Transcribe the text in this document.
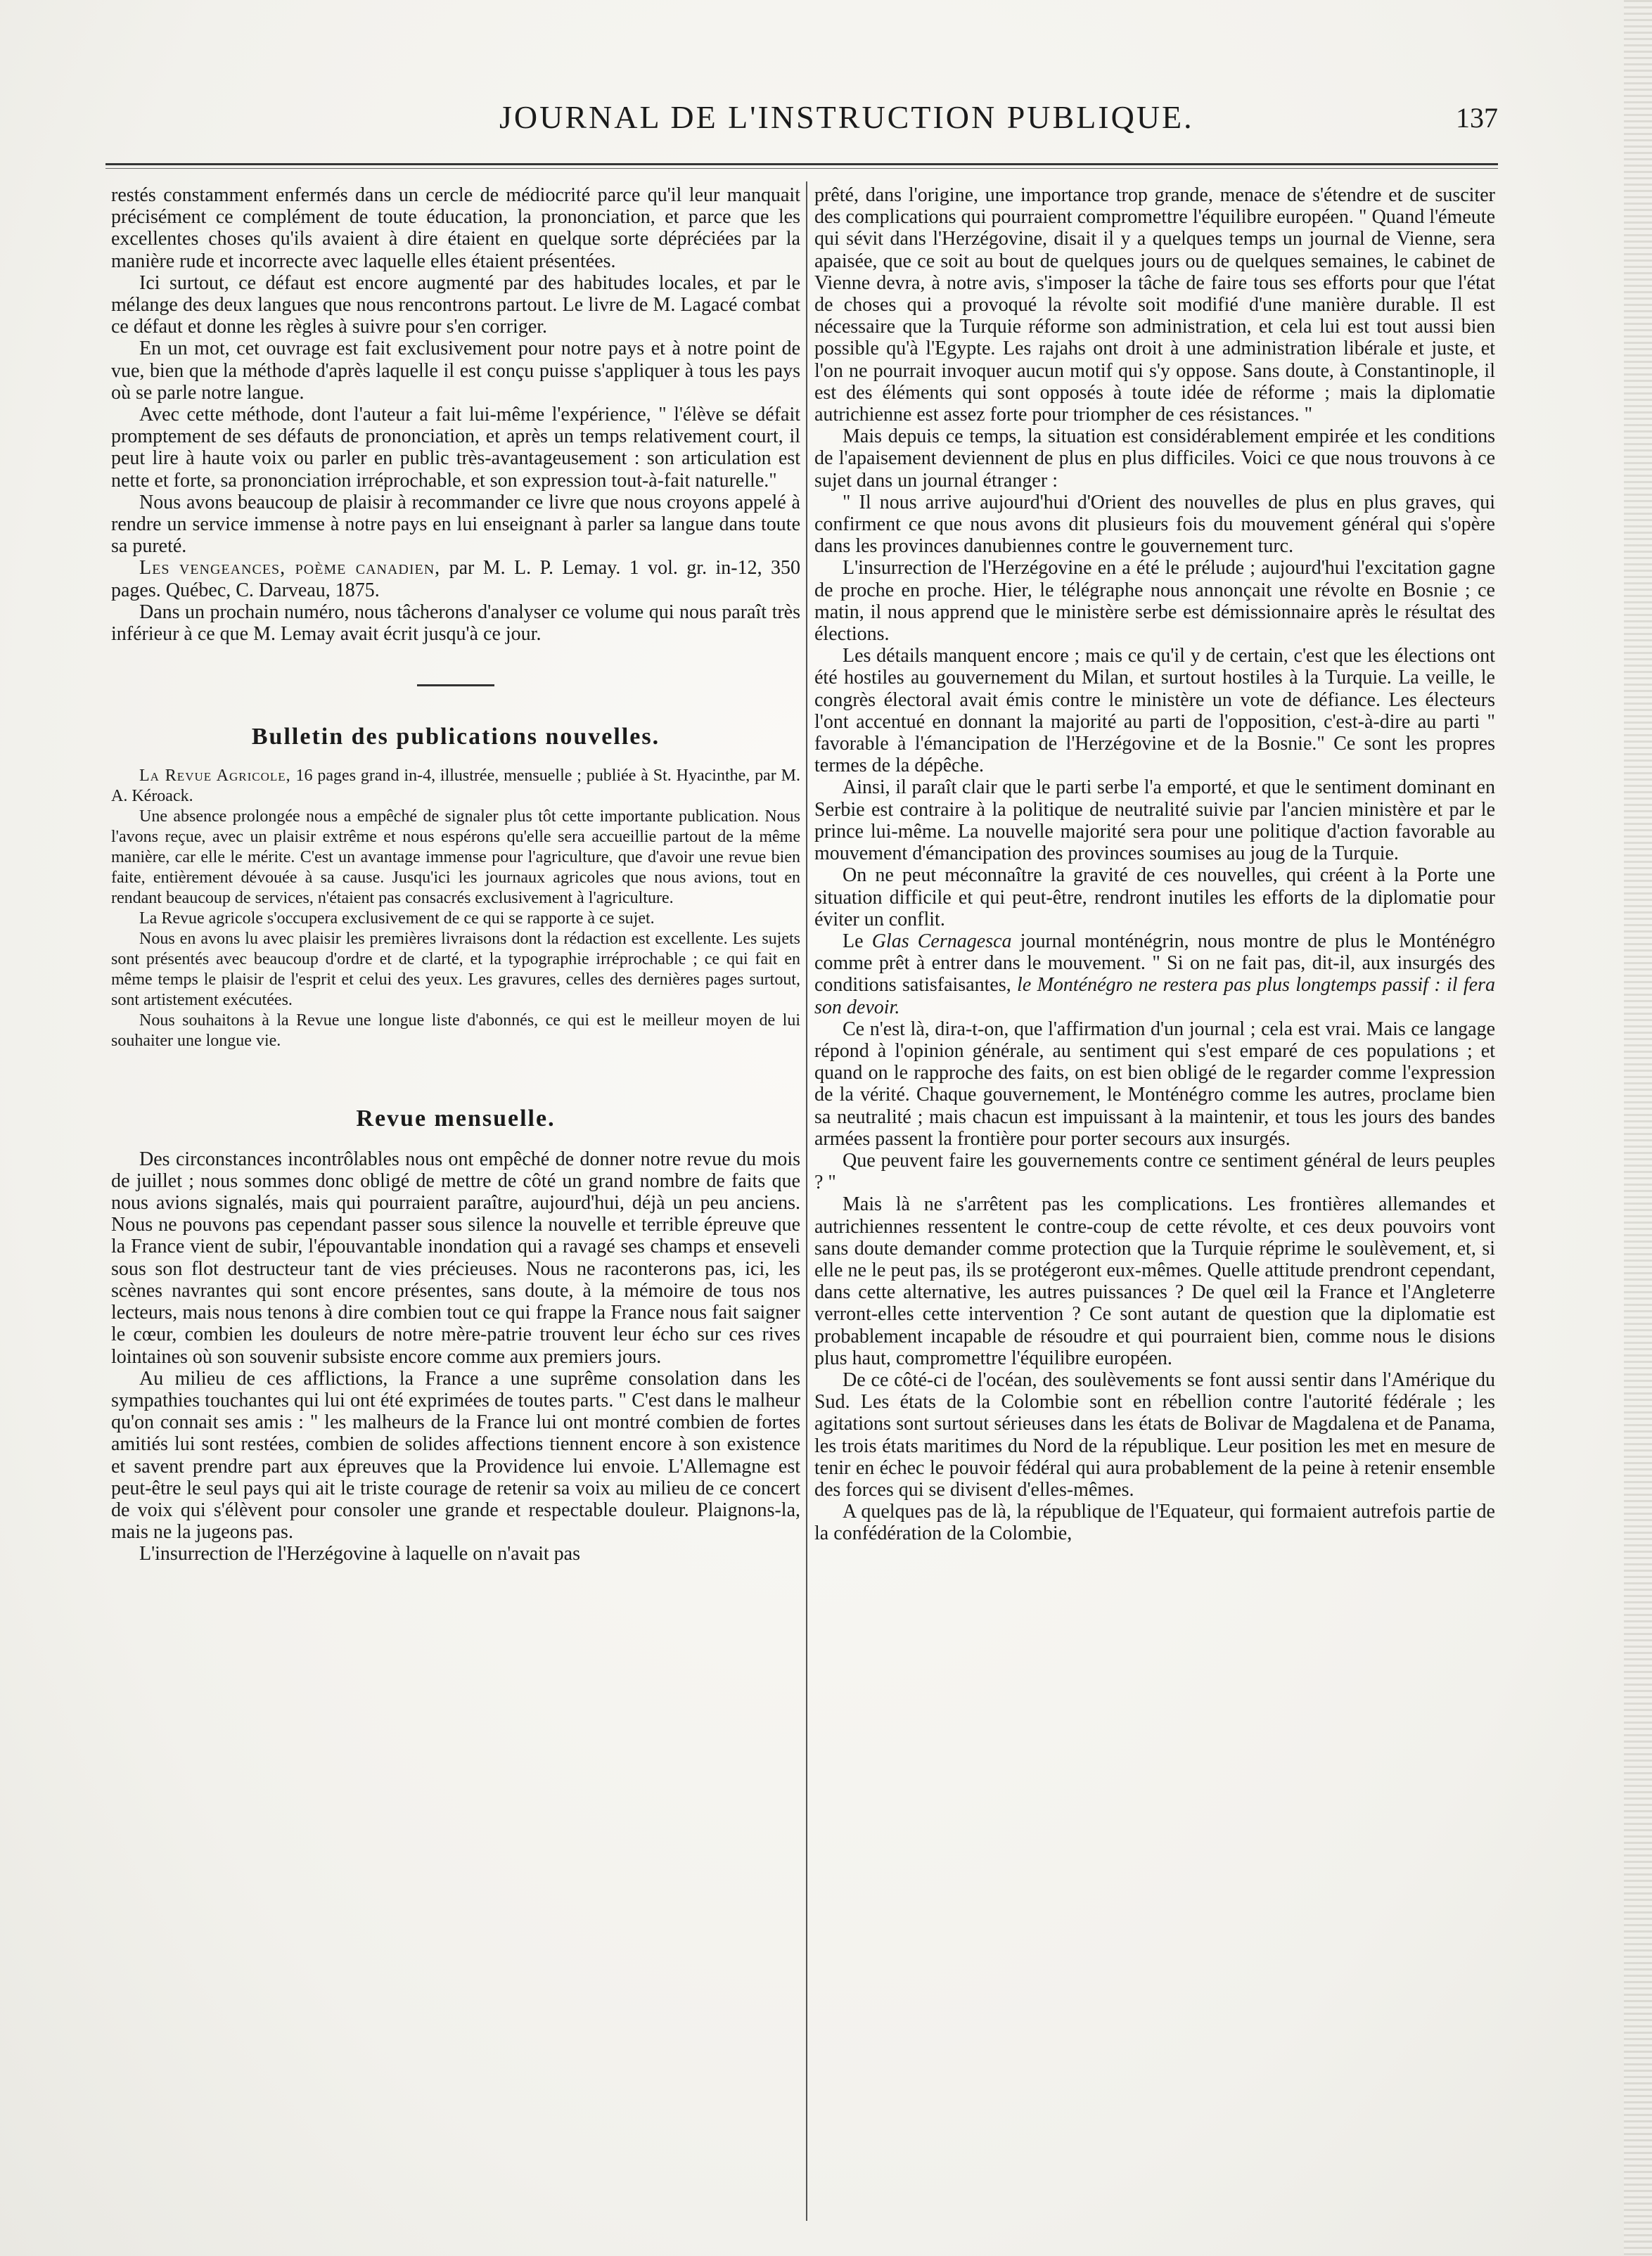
JOURNAL DE L'INSTRUCTION PUBLIQUE.	137

restés constamment enfermés dans un cercle de médiocrité parce qu'il leur manquait précisément ce complément de toute éducation, la prononciation, et parce que les excellentes choses qu'ils avaient à dire étaient en quelque sorte dépréciées par la manière rude et incorrecte avec laquelle elles étaient présentées.

Ici surtout, ce défaut est encore augmenté par des habitudes locales, et par le mélange des deux langues que nous rencontrons partout. Le livre de M. Lagacé combat ce défaut et donne les règles à suivre pour s'en corriger.

En un mot, cet ouvrage est fait exclusivement pour notre pays et à notre point de vue, bien que la méthode d'après laquelle il est conçu puisse s'appliquer à tous les pays où se parle notre langue.

Avec cette méthode, dont l'auteur a fait lui-même l'expérience, " l'élève se défait promptement de ses défauts de prononciation, et après un temps relativement court, il peut lire à haute voix ou parler en public très-avantageusement : son articulation est nette et forte, sa prononciation irréprochable, et son expression tout-à-fait naturelle."

Nous avons beaucoup de plaisir à recommander ce livre que nous croyons appelé à rendre un service immense à notre pays en lui enseignant à parler sa langue dans toute sa pureté.

Les vengeances, poème canadien, par M. L. P. Lemay. 1 vol. gr. in-12, 350 pages. Québec, C. Darveau, 1875.

Dans un prochain numéro, nous tâcherons d'analyser ce volume qui nous paraît très inférieur à ce que M. Lemay avait écrit jusqu'à ce jour.

Bulletin des publications nouvelles.

La Revue Agricole, 16 pages grand in-4, illustrée, mensuelle ; publiée à St. Hyacinthe, par M. A. Kéroack.

Une absence prolongée nous a empêché de signaler plus tôt cette importante publication. Nous l'avons reçue, avec un plaisir extrême et nous espérons qu'elle sera accueillie partout de la même manière, car elle le mérite. C'est un avantage immense pour l'agriculture, que d'avoir une revue bien faite, entièrement dévouée à sa cause. Jusqu'ici les journaux agricoles que nous avions, tout en rendant beaucoup de services, n'étaient pas consacrés exclusivement à l'agriculture.

La Revue agricole s'occupera exclusivement de ce qui se rapporte à ce sujet.

Nous en avons lu avec plaisir les premières livraisons dont la rédaction est excellente. Les sujets sont présentés avec beaucoup d'ordre et de clarté, et la typographie irréprochable ; ce qui fait en même temps le plaisir de l'esprit et celui des yeux. Les gravures, celles des dernières pages surtout, sont artistement exécutées.

Nous souhaitons à la Revue une longue liste d'abonnés, ce qui est le meilleur moyen de lui souhaiter une longue vie.

Revue mensuelle.

Des circonstances incontrôlables nous ont empêché de donner notre revue du mois de juillet ; nous sommes donc obligé de mettre de côté un grand nombre de faits que nous avions signalés, mais qui pourraient paraître, aujourd'hui, déjà un peu anciens. Nous ne pouvons pas cependant passer sous silence la nouvelle et terrible épreuve que la France vient de subir, l'épouvantable inondation qui a ravagé ses champs et enseveli sous son flot destructeur tant de vies précieuses. Nous ne raconterons pas, ici, les scènes navrantes qui sont encore présentes, sans doute, à la mémoire de tous nos lecteurs, mais nous tenons à dire combien tout ce qui frappe la France nous fait saigner le cœur, combien les douleurs de notre mère-patrie trouvent leur écho sur ces rives lointaines où son souvenir subsiste encore comme aux premiers jours.

Au milieu de ces afflictions, la France a une suprême consolation dans les sympathies touchantes qui lui ont été exprimées de toutes parts. " C'est dans le malheur qu'on connait ses amis : " les malheurs de la France lui ont montré combien de fortes amitiés lui sont restées, combien de solides affections tiennent encore à son existence et savent prendre part aux épreuves que la Providence lui envoie. L'Allemagne est peut-être le seul pays qui ait le triste courage de retenir sa voix au milieu de ce concert de voix qui s'élèvent pour consoler une grande et respectable douleur. Plaignons-la, mais ne la jugeons pas.

L'insurrection de l'Herzégovine à laquelle on n'avait pas

prêté, dans l'origine, une importance trop grande, menace de s'étendre et de susciter des complications qui pourraient compromettre l'équilibre européen. " Quand l'émeute qui sévit dans l'Herzégovine, disait il y a quelques temps un journal de Vienne, sera apaisée, que ce soit au bout de quelques jours ou de quelques semaines, le cabinet de Vienne devra, à notre avis, s'imposer la tâche de faire tous ses efforts pour que l'état de choses qui a provoqué la révolte soit modifié d'une manière durable. Il est nécessaire que la Turquie réforme son administration, et cela lui est tout aussi bien possible qu'à l'Egypte. Les rajahs ont droit à une administration libérale et juste, et l'on ne pourrait invoquer aucun motif qui s'y oppose. Sans doute, à Constantinople, il est des éléments qui sont opposés à toute idée de réforme ; mais la diplomatie autrichienne est assez forte pour triompher de ces résistances. "

Mais depuis ce temps, la situation est considérablement empirée et les conditions de l'apaisement deviennent de plus en plus difficiles. Voici ce que nous trouvons à ce sujet dans un journal étranger :

" Il nous arrive aujourd'hui d'Orient des nouvelles de plus en plus graves, qui confirment ce que nous avons dit plusieurs fois du mouvement général qui s'opère dans les provinces danubiennes contre le gouvernement turc.

L'insurrection de l'Herzégovine en a été le prélude ; aujourd'hui l'excitation gagne de proche en proche. Hier, le télégraphe nous annonçait une révolte en Bosnie ; ce matin, il nous apprend que le ministère serbe est démissionnaire après le résultat des élections.

Les détails manquent encore ; mais ce qu'il y de certain, c'est que les élections ont été hostiles au gouvernement du Milan, et surtout hostiles à la Turquie. La veille, le congrès électoral avait émis contre le ministère un vote de défiance. Les électeurs l'ont accentué en donnant la majorité au parti de l'opposition, c'est-à-dire au parti " favorable à l'émancipation de l'Herzégovine et de la Bosnie." Ce sont les propres termes de la dépêche.

Ainsi, il paraît clair que le parti serbe l'a emporté, et que le sentiment dominant en Serbie est contraire à la politique de neutralité suivie par l'ancien ministère et par le prince lui-même. La nouvelle majorité sera pour une politique d'action favorable au mouvement d'émancipation des provinces soumises au joug de la Turquie.

On ne peut méconnaître la gravité de ces nouvelles, qui créent à la Porte une situation difficile et qui peut-être, rendront inutiles les efforts de la diplomatie pour éviter un conflit.

Le Glas Cernagesca journal monténégrin, nous montre de plus le Monténégro comme prêt à entrer dans le mouvement. " Si on ne fait pas, dit-il, aux insurgés des conditions satisfaisantes, le Monténégro ne restera pas plus longtemps passif : il fera son devoir.

Ce n'est là, dira-t-on, que l'affirmation d'un journal ; cela est vrai. Mais ce langage répond à l'opinion générale, au sentiment qui s'est emparé de ces populations ; et quand on le rapproche des faits, on est bien obligé de le regarder comme l'expression de la vérité. Chaque gouvernement, le Monténégro comme les autres, proclame bien sa neutralité ; mais chacun est impuissant à la maintenir, et tous les jours des bandes armées passent la frontière pour porter secours aux insurgés.

Que peuvent faire les gouvernements contre ce sentiment général de leurs peuples ? "

Mais là ne s'arrêtent pas les complications. Les frontières allemandes et autrichiennes ressentent le contre-coup de cette révolte, et ces deux pouvoirs vont sans doute demander comme protection que la Turquie réprime le soulèvement, et, si elle ne le peut pas, ils se protégeront eux-mêmes. Quelle attitude prendront cependant, dans cette alternative, les autres puissances ? De quel œil la France et l'Angleterre verront-elles cette intervention ? Ce sont autant de question que la diplomatie est probablement incapable de résoudre et qui pourraient bien, comme nous le disions plus haut, compromettre l'équilibre européen.

De ce côté-ci de l'océan, des soulèvements se font aussi sentir dans l'Amérique du Sud. Les états de la Colombie sont en rébellion contre l'autorité fédérale ; les agitations sont surtout sérieuses dans les états de Bolivar de Magdalena et de Panama, les trois états maritimes du Nord de la république. Leur position les met en mesure de tenir en échec le pouvoir fédéral qui aura probablement de la peine à retenir ensemble des forces qui se divisent d'elles-mêmes.

A quelques pas de là, la république de l'Equateur, qui formaient autrefois partie de la confédération de la Colombie,
